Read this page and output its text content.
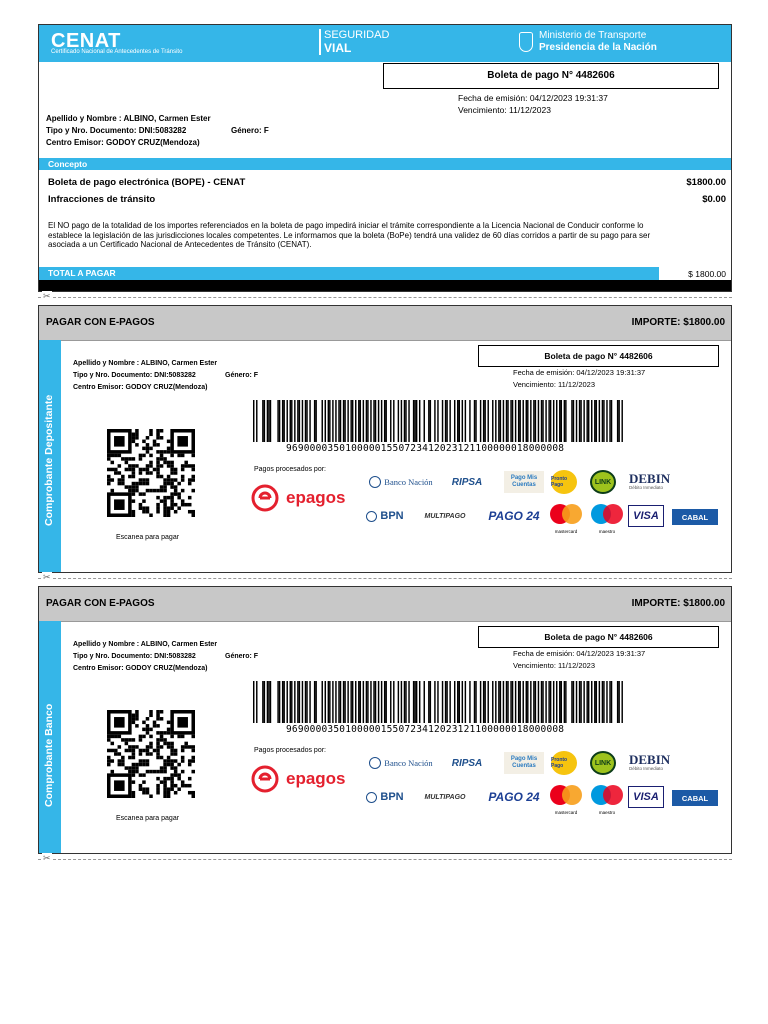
CENAT
Certificado Nacional de Antecedentes de Tránsito
SEGURIDAD
VIAL
Ministerio de Transporte
Presidencia de la Nación
Boleta de pago N° 4482606
Fecha de emisión: 04/12/2023 19:31:37
Vencimiento: 11/12/2023
Apellido y Nombre : ALBINO, Carmen Ester
Tipo y Nro. Documento: DNI:5083282	Género: F
Centro Emisor: GODOY CRUZ(Mendoza)
Concepto
Boleta de pago electrónica (BOPE) - CENAT	$1800.00
Infracciones de tránsito	$0.00
El NO pago de la totalidad de los importes referenciados en la boleta de pago impedirá iniciar el trámite correspondiente a la Licencia Nacional de Conducir conforme lo establece la legislación de las jurisdicciones locales competentes. Le informamos que la boleta (BoPe) tendrá una validez de 60 días corridos a partir de su pago para ser asociada a un Certificado Nacional de Antecedentes de Tránsito (CENAT).
TOTAL A PAGAR	$ 1800.00
✂
PAGAR CON E-PAGOS	IMPORTE: $1800.00
Comprobante Depositante
Apellido y Nombre : ALBINO, Carmen Ester
Tipo y Nro. Documento: DNI:5083282	Género: F
Centro Emisor: GODOY CRUZ(Mendoza)
Boleta de pago N° 4482606
Fecha de emisión: 04/12/2023 19:31:37
Vencimiento: 11/12/2023
Escanea para pagar
96900003501000001550723412023121100000018000008
Pagos procesados por:
epagos
Banco Nación	RIPSA	Pago Mis Cuentas
Pronto Pago	LINK	DEBIN
Débito Inmediato
BPN	MULTIPAGO	PAGO 24
mastercard	maestro
VISA	CABAL
✂
PAGAR CON E-PAGOS	IMPORTE: $1800.00
Comprobante Banco
Apellido y Nombre : ALBINO, Carmen Ester
Tipo y Nro. Documento: DNI:5083282	Género: F
Centro Emisor: GODOY CRUZ(Mendoza)
Boleta de pago N° 4482606
Fecha de emisión: 04/12/2023 19:31:37
Vencimiento: 11/12/2023
Escanea para pagar
96900003501000001550723412023121100000018000008
Pagos procesados por:
epagos
Banco Nación	RIPSA	Pago Mis Cuentas
Pronto Pago	LINK	DEBIN
Débito Inmediato
BPN	MULTIPAGO	PAGO 24
mastercard	maestro
VISA	CABAL
✂
